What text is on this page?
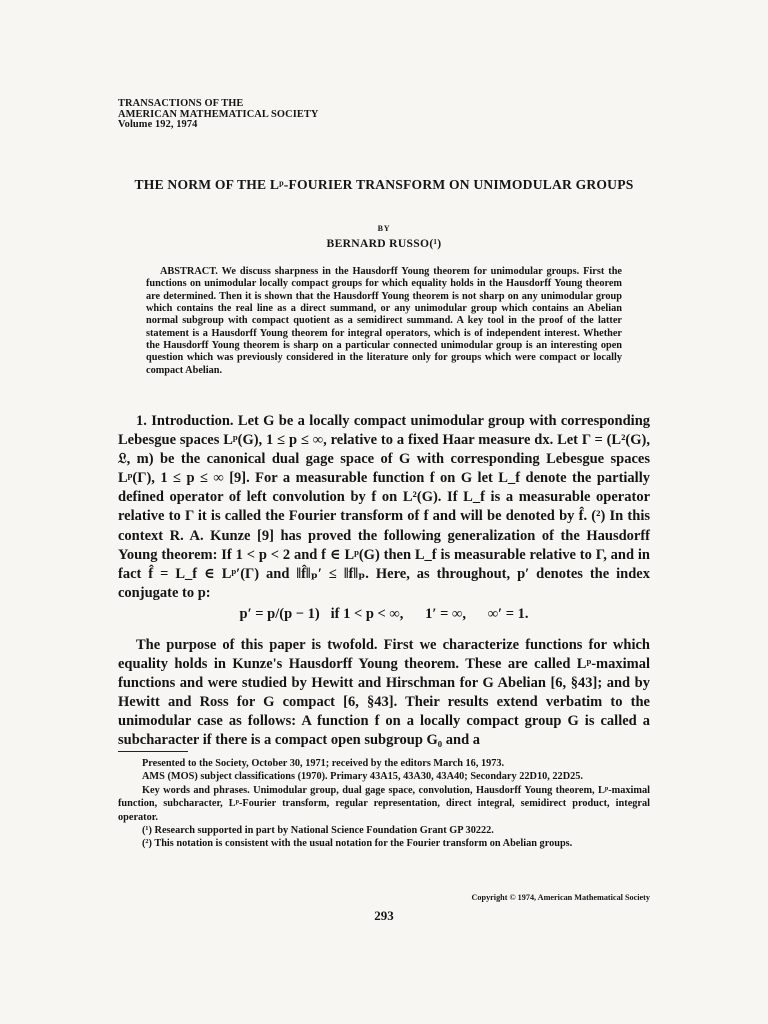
TRANSACTIONS OF THE
AMERICAN MATHEMATICAL SOCIETY
Volume 192, 1974
THE NORM OF THE Lᵖ-FOURIER TRANSFORM ON UNIMODULAR GROUPS
BY
BERNARD RUSSO(¹)
ABSTRACT. We discuss sharpness in the Hausdorff Young theorem for unimodular groups. First the functions on unimodular locally compact groups for which equality holds in the Hausdorff Young theorem are determined. Then it is shown that the Hausdorff Young theorem is not sharp on any unimodular group which contains the real line as a direct summand, or any unimodular group which contains an Abelian normal subgroup with compact quotient as a semidirect summand. A key tool in the proof of the latter statement is a Hausdorff Young theorem for integral operators, which is of independent interest. Whether the Hausdorff Young theorem is sharp on a particular connected unimodular group is an interesting open question which was previously considered in the literature only for groups which were compact or locally compact Abelian.
1. Introduction. Let G be a locally compact unimodular group with corresponding Lebesgue spaces Lᵖ(G), 1 ≤ p ≤ ∞, relative to a fixed Haar measure dx. Let Γ = (L²(G), 𝔏, m) be the canonical dual gage space of G with corresponding Lebesgue spaces Lᵖ(Γ), 1 ≤ p ≤ ∞ [9]. For a measurable function f on G let L_f denote the partially defined operator of left convolution by f on L²(G). If L_f is a measurable operator relative to Γ it is called the Fourier transform of f and will be denoted by f̂. (²) In this context R. A. Kunze [9] has proved the following generalization of the Hausdorff Young theorem: If 1 < p < 2 and f ∈ Lᵖ(G) then L_f is measurable relative to Γ, and in fact f̂ = L_f ∈ Lᵖ′(Γ) and ‖f̂‖ₚ′ ≤ ‖f‖ₚ. Here, as throughout, p′ denotes the index conjugate to p:
p′ = p/(p − 1)   if 1 < p < ∞,      1′ = ∞,      ∞′ = 1.
The purpose of this paper is twofold. First we characterize functions for which equality holds in Kunze's Hausdorff Young theorem. These are called Lᵖ-maximal functions and were studied by Hewitt and Hirschman for G Abelian [6, §43]; and by Hewitt and Ross for G compact [6, §43]. Their results extend verbatim to the unimodular case as follows: A function f on a locally compact group G is called a subcharacter if there is a compact open subgroup G₀ and a

Presented to the Society, October 30, 1971; received by the editors March 16, 1973.

AMS (MOS) subject classifications (1970). Primary 43A15, 43A30, 43A40; Secondary 22D10, 22D25.

Key words and phrases. Unimodular group, dual gage space, convolution, Hausdorff Young theorem, Lᵖ-maximal function, subcharacter, Lᵖ-Fourier transform, regular representation, direct integral, semidirect product, integral operator.

(¹) Research supported in part by National Science Foundation Grant GP 30222.

(²) This notation is consistent with the usual notation for the Fourier transform on Abelian groups.

Copyright © 1974, American Mathematical Society
293
